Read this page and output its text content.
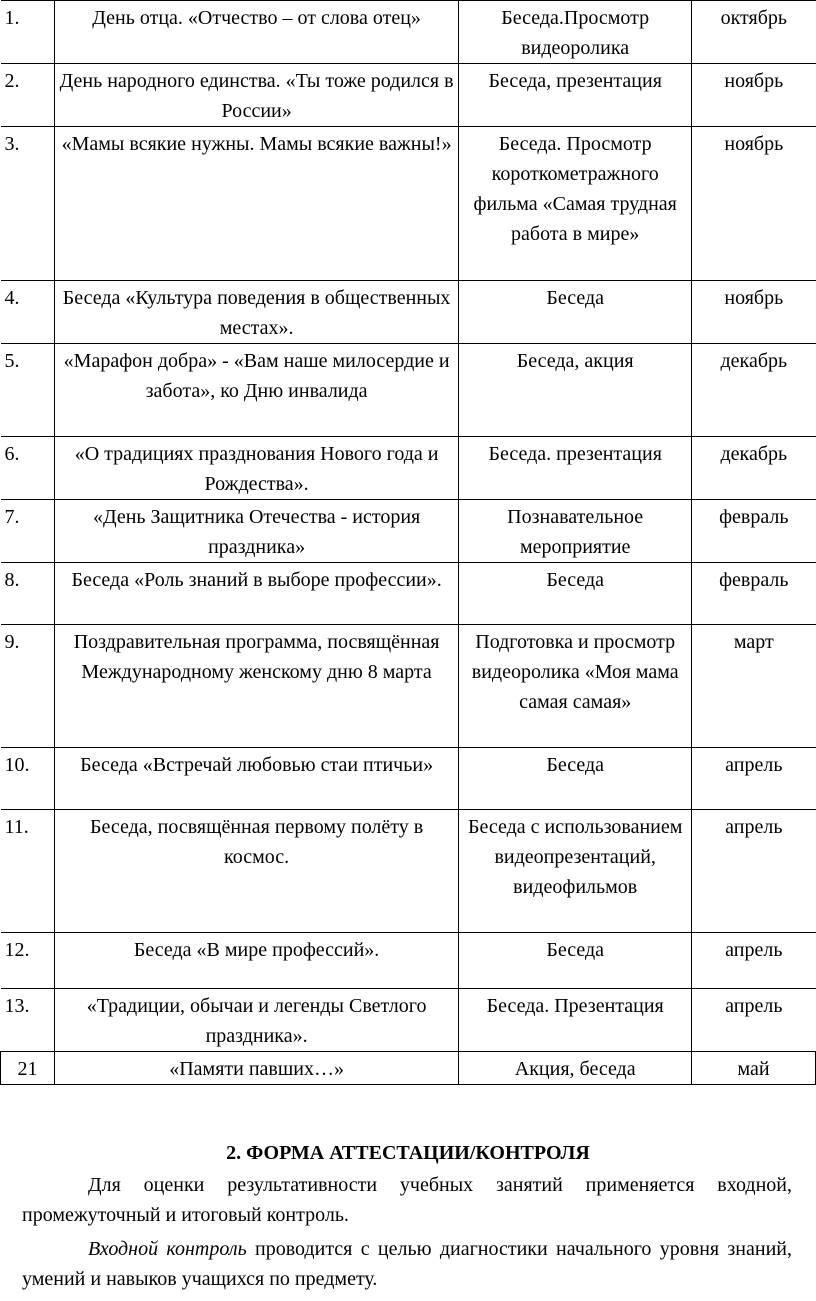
1.	День отца. «Отчество – от слова отец»	Беседа.Просмотр видеоролика	октябрь
2.	День народного единства. «Ты тоже родился в России»	Беседа, презентация	ноябрь
3.	«Мамы всякие нужны. Мамы всякие важны!»	Беседа. Просмотр короткометражного фильма «Самая трудная работа в мире»	ноябрь
4.	Беседа «Культура поведения в общественных местах».	Беседа	ноябрь
5.	«Марафон добра» - «Вам наше милосердие и забота», ко Дню инвалида	Беседа, акция	декабрь
6.	«О традициях празднования Нового года и Рождества».	Беседа. презентация	декабрь
7.	«День Защитника Отечества - история праздника»	Познавательное мероприятие	февраль
8.	Беседа «Роль знаний в выборе профессии».	Беседа	февраль
9.	Поздравительная программа, посвящённая Международному женскому дню 8 марта	Подготовка и просмотр видеоролика «Моя мама самая самая»	март
10.	Беседа «Встречай любовью стаи птичьи»	Беседа	апрель
11.	Беседа, посвящённая первому полёту в космос.	Беседа с использованием видеопрезентаций, видеофильмов	апрель
12.	Беседа «В мире профессий».	Беседа	апрель
13.	«Традиции, обычаи и легенды Светлого праздника».	Беседа. Презентация	апрель
21	«Памяти павших…»	Акция, беседа	май
2. ФОРМА АТТЕСТАЦИИ/КОНТРОЛЯ

Для оценки результативности учебных занятий применяется входной, промежуточный и итоговый контроль.

Входной контроль проводится с целью диагностики начального уровня знаний, умений и навыков учащихся по предмету.
